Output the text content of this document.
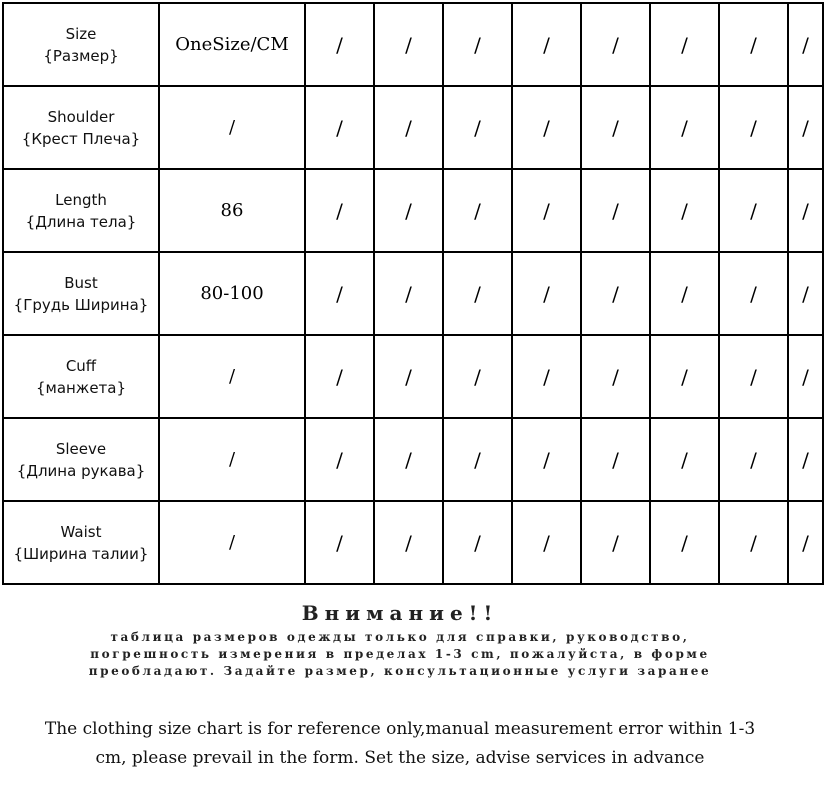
Size
{Размер}	OneSize/CM	/	/	/	/	/	/	/	/

Shoulder
{Крест Плеча}	/	/	/	/	/	/	/	/	/

Length
{Длина тела}	86	/	/	/	/	/	/	/	/

Bust
{Грудь Ширина}	80-100	/	/	/	/	/	/	/	/

Cuff
{манжета}	/	/	/	/	/	/	/	/	/

Sleeve
{Длина рукава}	/	/	/	/	/	/	/	/	/

Waist
{Ширина талии}	/	/	/	/	/	/	/	/	/
Внимание!!
таблица размеров одежды только для справки, руководство,
погрешность измерения в пределах 1-3 cm, пожалуйста, в форме
преобладают. Задайте размер, консультационные услуги заранее
The clothing size chart is for reference only,manual measurement error within 1-3
cm, please prevail in the form. Set the size, advise services in advance
